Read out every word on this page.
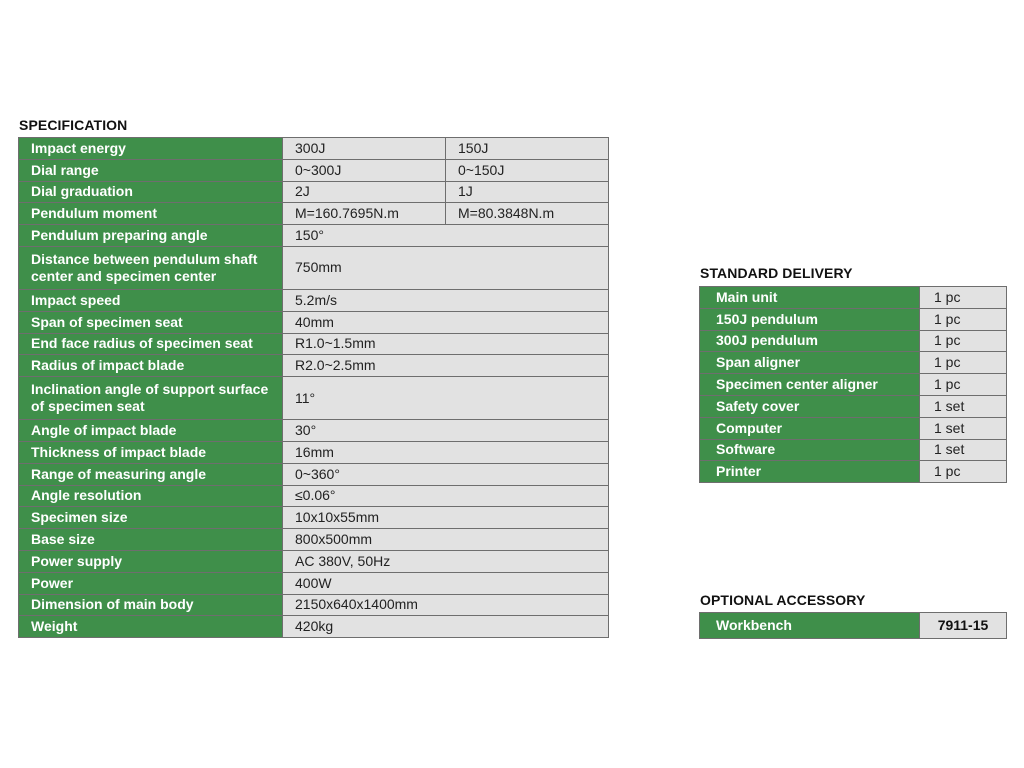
SPECIFICATION
Impact energy	300J	150J
Dial range	0~300J	0~150J
Dial graduation	2J	1J
Pendulum moment	M=160.7695N.m	M=80.3848N.m
Pendulum preparing angle	150°	
Distance between pendulum shaft center and specimen center	750mm	
Impact speed	5.2m/s	
Span of specimen seat	40mm	
End face radius of specimen seat	R1.0~1.5mm	
Radius of impact blade	R2.0~2.5mm	
Inclination angle of support surface of specimen seat	11°	
Angle of impact blade	30°	
Thickness of impact blade	16mm	
Range of measuring angle	0~360°	
Angle resolution	≤0.06°	
Specimen size	10x10x55mm	
Base size	800x500mm	
Power supply	AC 380V, 50Hz	
Power	400W	
Dimension of main body	2150x640x1400mm	
Weight	420kg	
STANDARD DELIVERY
Main unit	1 pc
150J pendulum	1 pc
300J pendulum	1 pc
Span aligner	1 pc
Specimen center aligner	1 pc
Safety cover	1 set
Computer	1 set
Software	1 set
Printer	1 pc
OPTIONAL ACCESSORY
Workbench	7911-15
